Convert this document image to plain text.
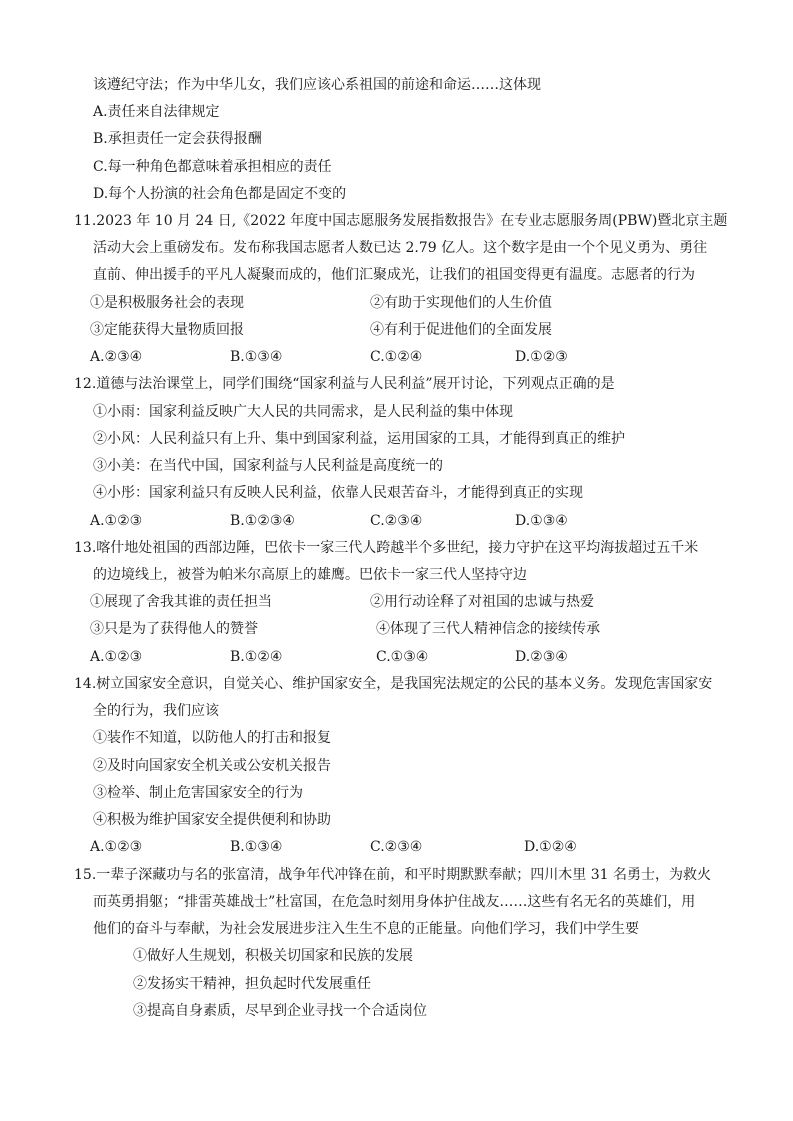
该遵纪守法；作为中华儿女，我们应该心系祖国的前途和命运……这体现
A.责任来自法律规定
B.承担责任一定会获得报酬
C.每一种角色都意味着承担相应的责任
D.每个人扮演的社会角色都是固定不变的
11.2023 年 10 月 24 日,《2022 年度中国志愿服务发展指数报告》在专业志愿服务周(PBW)暨北京主题
活动大会上重磅发布。发布称我国志愿者人数已达 2.79 亿人。这个数字是由一个个见义勇为、勇往
直前、伸出援手的平凡人凝聚而成的，他们汇聚成光，让我们的祖国变得更有温度。志愿者的行为
①是积极服务社会的表现	②有助于实现他们的人生价值
③定能获得大量物质回报	④有利于促进他们的全面发展
A.②③④	B.①③④	C.①②④	D.①②③
12.道德与法治课堂上，同学们围绕“国家利益与人民利益”展开讨论，下列观点正确的是
①小雨：国家利益反映广大人民的共同需求，是人民利益的集中体现
②小风：人民利益只有上升、集中到国家利益，运用国家的工具，才能得到真正的维护
③小美：在当代中国，国家利益与人民利益是高度统一的
④小彤：国家利益只有反映人民利益，依靠人民艰苦奋斗，才能得到真正的实现
A.①②③	B.①②③④	C.②③④	D.①③④
13.喀什地处祖国的西部边陲，巴依卡一家三代人跨越半个多世纪，接力守护在这平均海拔超过五千米
的边境线上，被誉为帕米尔高原上的雄鹰。巴依卡一家三代人坚持守边
①展现了舍我其谁的责任担当	②用行动诠释了对祖国的忠诚与热爱
③只是为了获得他人的赞誉	④体现了三代人精神信念的接续传承
A.①②③	B.①②④	C.①③④	D.②③④
14.树立国家安全意识，自觉关心、维护国家安全，是我国宪法规定的公民的基本义务。发现危害国家安
全的行为，我们应该
①装作不知道，以防他人的打击和报复
②及时向国家安全机关或公安机关报告
③检举、制止危害国家安全的行为
④积极为维护国家安全提供便利和协助
A.①②③	B.①③④	C.②③④	D.①②④
15.一辈子深藏功与名的张富清，战争年代冲锋在前，和平时期默默奉献；四川木里 31 名勇士，为救火
而英勇捐躯；“排雷英雄战士”杜富国，在危急时刻用身体护住战友……这些有名无名的英雄们，用
他们的奋斗与奉献，为社会发展进步注入生生不息的正能量。向他们学习，我们中学生要
①做好人生规划，积极关切国家和民族的发展
②发扬实干精神，担负起时代发展重任
③提高自身素质，尽早到企业寻找一个合适岗位
